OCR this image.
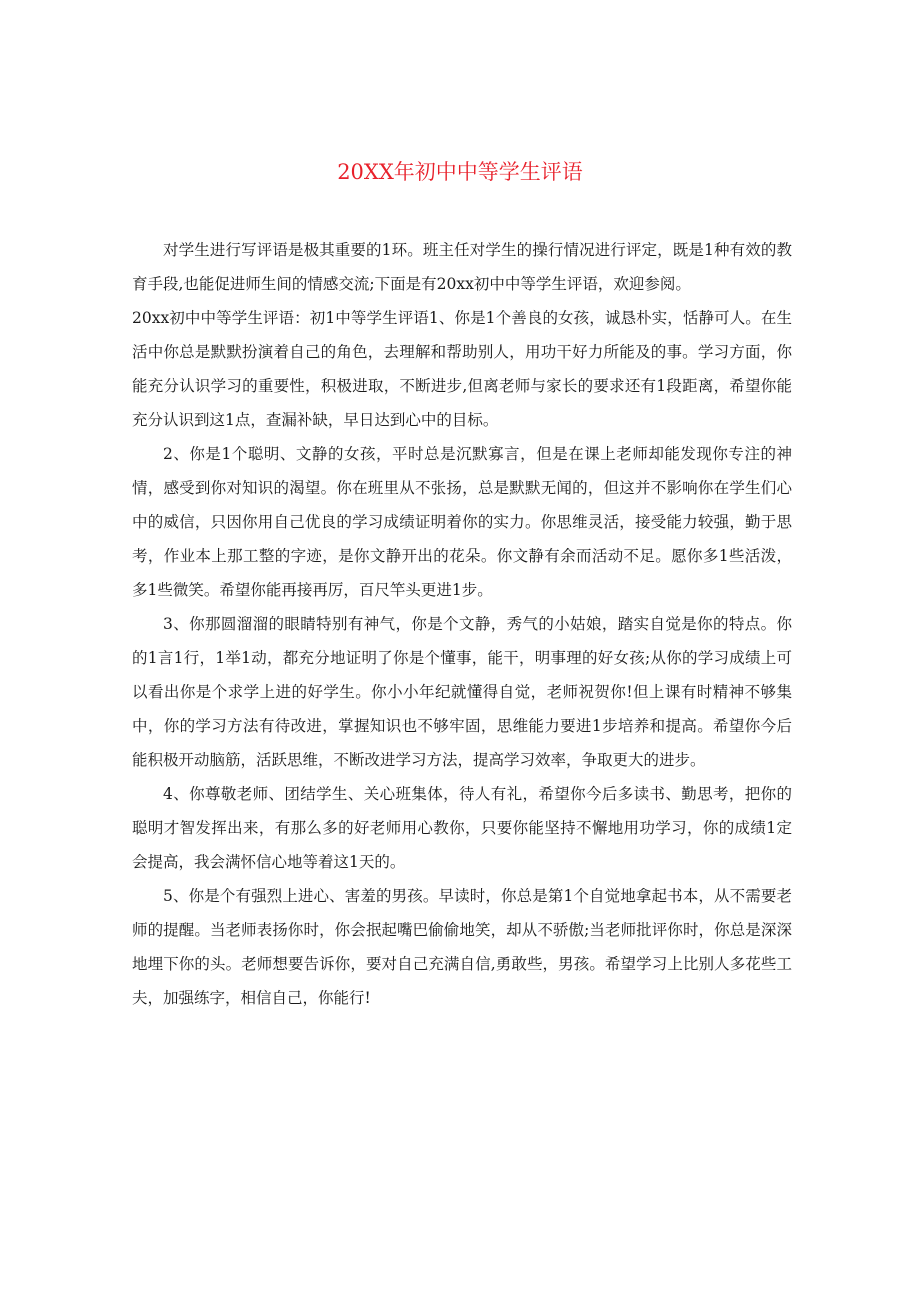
20XX年初中中等学生评语

对学生进行写评语是极其重要的1环。班主任对学生的操行情况进行评定，既是1种有效的教育手段,也能促进师生间的情感交流;下面是有20xx初中中等学生评语，欢迎参阅。

20xx初中中等学生评语：初1中等学生评语1、你是1个善良的女孩，诚恳朴实，恬静可人。在生活中你总是默默扮演着自己的角色，去理解和帮助别人，用功干好力所能及的事。学习方面，你能充分认识学习的重要性，积极进取，不断进步,但离老师与家长的要求还有1段距离，希望你能充分认识到这1点，查漏补缺，早日达到心中的目标。

2、你是1个聪明、文静的女孩，平时总是沉默寡言，但是在课上老师却能发现你专注的神情，感受到你对知识的渴望。你在班里从不张扬，总是默默无闻的，但这并不影响你在学生们心中的威信，只因你用自己优良的学习成绩证明着你的实力。你思维灵活，接受能力较强，勤于思考，作业本上那工整的字迹，是你文静开出的花朵。你文静有余而活动不足。愿你多1些活泼，多1些微笑。希望你能再接再厉，百尺竿头更进1步。

3、你那圆溜溜的眼睛特别有神气，你是个文静，秀气的小姑娘，踏实自觉是你的特点。你的1言1行，1举1动，都充分地证明了你是个懂事，能干，明事理的好女孩;从你的学习成绩上可以看出你是个求学上进的好学生。你小小年纪就懂得自觉，老师祝贺你!但上课有时精神不够集中，你的学习方法有待改进，掌握知识也不够牢固，思维能力要进1步培养和提高。希望你今后能积极开动脑筋，活跃思维，不断改进学习方法，提高学习效率，争取更大的进步。

4、你尊敬老师、团结学生、关心班集体，待人有礼，希望你今后多读书、勤思考，把你的聪明才智发挥出来，有那么多的好老师用心教你，只要你能坚持不懈地用功学习，你的成绩1定会提高，我会满怀信心地等着这1天的。

5、你是个有强烈上进心、害羞的男孩。早读时，你总是第1个自觉地拿起书本，从不需要老师的提醒。当老师表扬你时，你会抿起嘴巴偷偷地笑，却从不骄傲;当老师批评你时，你总是深深地埋下你的头。老师想要告诉你，要对自己充满自信,勇敢些，男孩。希望学习上比别人多花些工夫，加强练字，相信自己，你能行!
